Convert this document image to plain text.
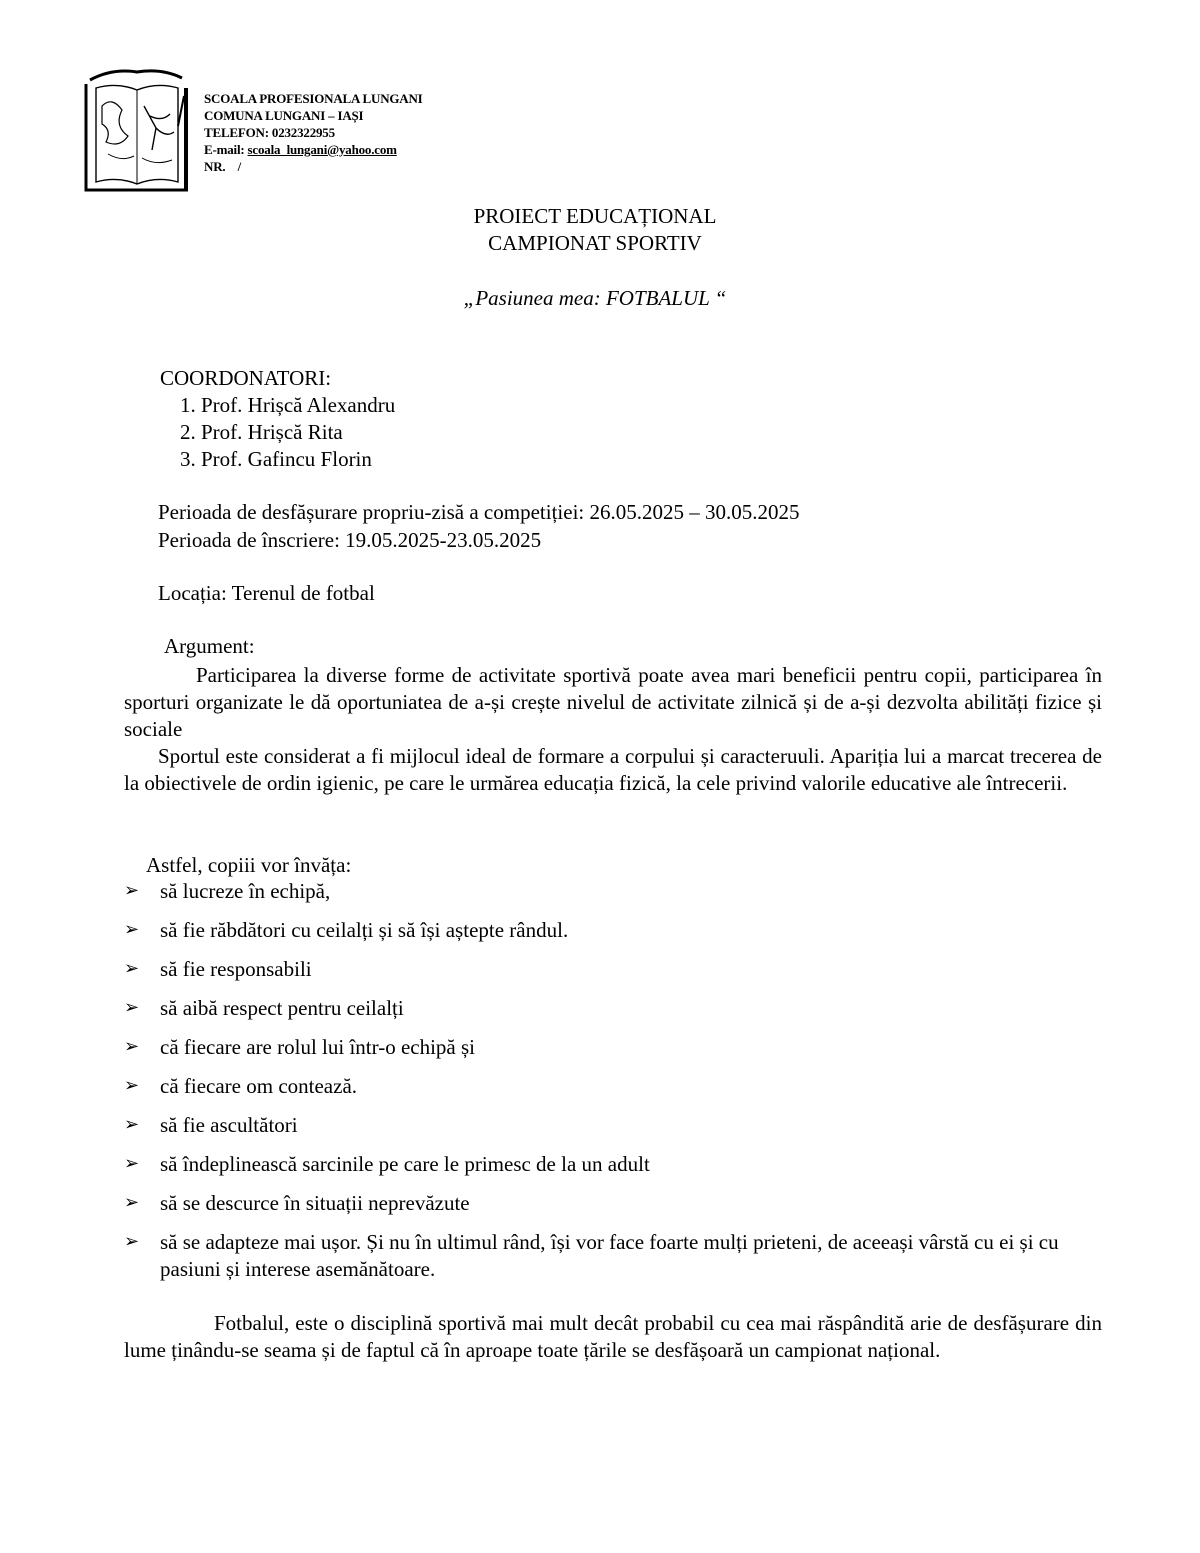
SCOALA PROFESIONALA LUNGANI
COMUNA LUNGANI – IAȘI
TELEFON: 0232322955
E-mail: scoala_lungani@yahoo.com
NR.    /
PROIECT EDUCAȚIONAL
CAMPIONAT SPORTIV
„Pasiunea mea: FOTBALUL “
COORDONATORI:
1. Prof. Hrișcă Alexandru
2. Prof. Hrișcă Rita
3. Prof. Gafincu Florin
Perioada de desfășurare propriu-zisă a competiției: 26.05.2025 – 30.05.2025
Perioada de înscriere: 19.05.2025-23.05.2025
Locația: Terenul de fotbal
Argument:
Participarea la diverse forme de activitate sportivă poate avea mari beneficii pentru copii, participarea în sporturi organizate le dă oportuniatea de a-și crește nivelul de activitate zilnică și de a-și dezvolta abilități fizice și sociale
Sportul este considerat a fi mijlocul ideal de formare a corpului și caracteruuli. Apariția lui a marcat trecerea de la obiectivele de ordin igienic, pe care le urmărea educația fizică, la cele privind valorile educative ale întrecerii.
Astfel, copiii vor învăța:
➢ să lucreze în echipă,
➢ să fie răbdători cu ceilalți și să își aștepte rândul.
➢ să fie responsabili
➢ să aibă respect pentru ceilalți
➢ că fiecare are rolul lui într-o echipă și
➢ că fiecare om contează.
➢ să fie ascultători
➢ să îndeplinească sarcinile pe care le primesc de la un adult
➢ să se descurce în situații neprevăzute
➢ să se adapteze mai ușor. Și nu în ultimul rând, își vor face foarte mulți prieteni, de aceeași vârstă cu ei și cu pasiuni și interese asemănătoare.
Fotbalul, este o disciplină sportivă mai mult decât probabil cu cea mai răspândită arie de desfășurare din lume ținându-se seama și de faptul că în aproape toate țările se desfășoară un campionat național.
